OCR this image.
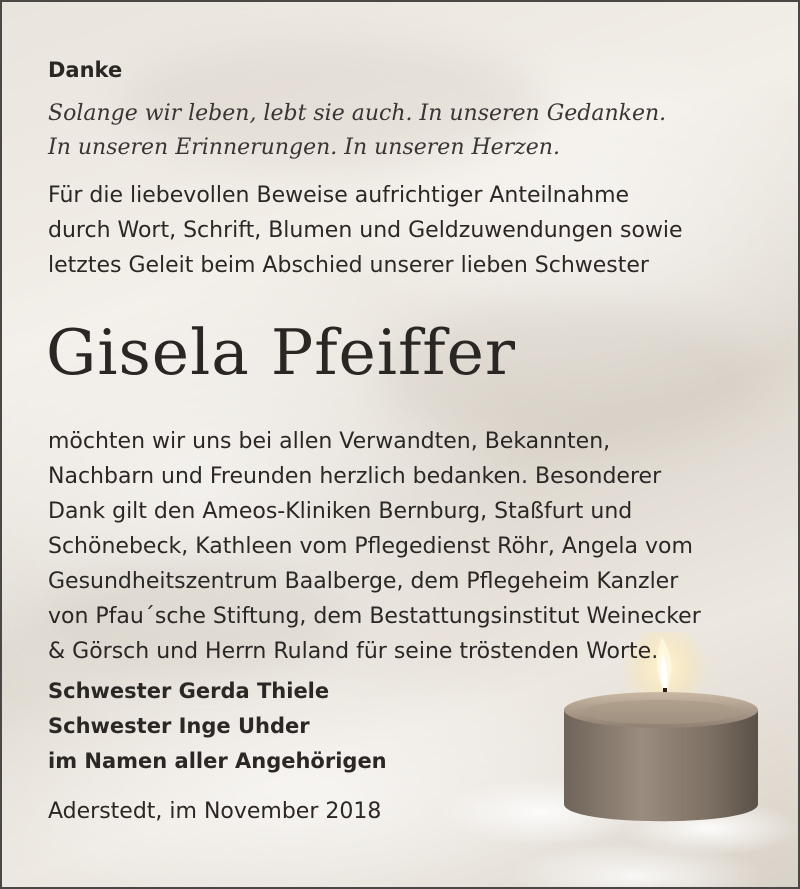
Danke
Solange wir leben, lebt sie auch. In unseren Gedanken.
In unseren Erinnerungen. In unseren Herzen.
Für die liebevollen Beweise aufrichtiger Anteilnahme
durch Wort, Schrift, Blumen und Geldzuwendungen sowie
letztes Geleit beim Abschied unserer lieben Schwester
Gisela Pfeiffer
möchten wir uns bei allen Verwandten, Bekannten,
Nachbarn und Freunden herzlich bedanken. Besonderer
Dank gilt den Ameos-Kliniken Bernburg, Staßfurt und
Schönebeck, Kathleen vom Pflegedienst Röhr, Angela vom
Gesundheitszentrum Baalberge, dem Pflegeheim Kanzler
von Pfau´sche Stiftung, dem Bestattungsinstitut Weinecker
& Görsch und Herrn Ruland für seine tröstenden Worte.
Schwester Gerda Thiele
Schwester Inge Uhder
im Namen aller Angehörigen
Aderstedt, im November 2018
